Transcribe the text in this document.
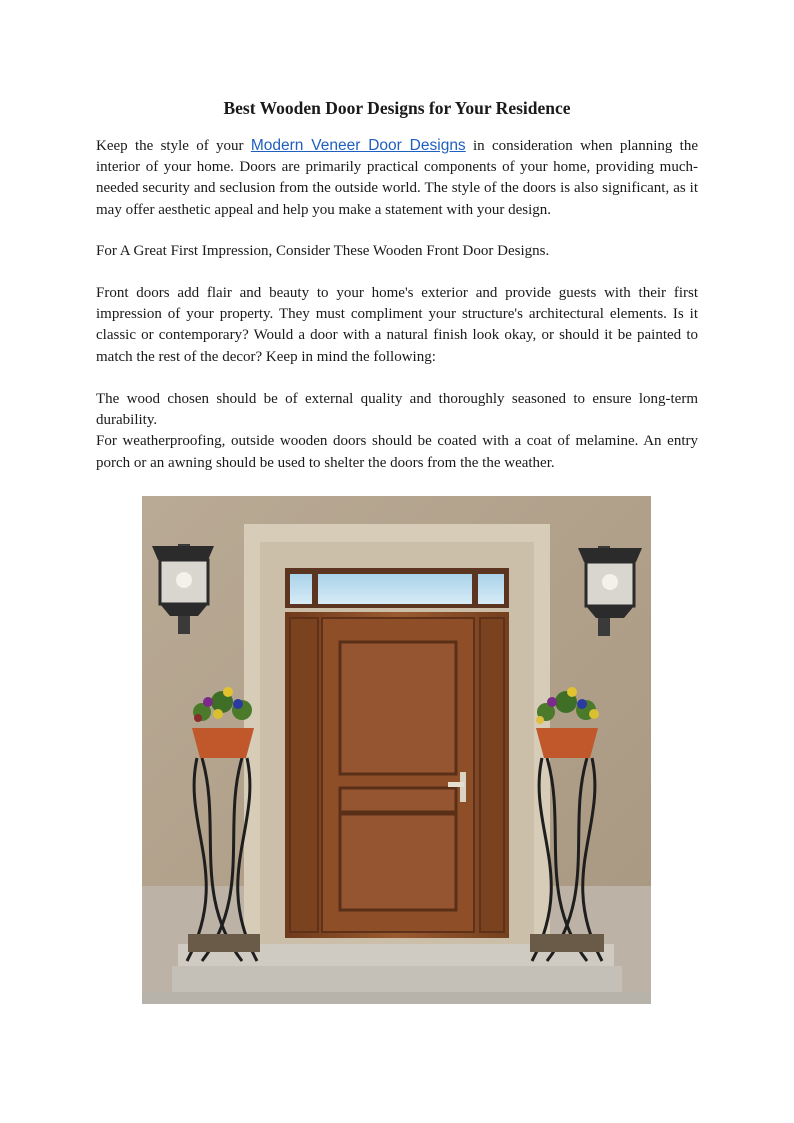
Best Wooden Door Designs for Your Residence

Keep the style of your Modern Veneer Door Designs in consideration when planning the interior of your home. Doors are primarily practical components of your home, providing much-needed security and seclusion from the outside world. The style of the doors is also significant, as it may offer aesthetic appeal and help you make a statement with your design.

For A Great First Impression, Consider These Wooden Front Door Designs.

Front doors add flair and beauty to your home's exterior and provide guests with their first impression of your property. They must compliment your structure's architectural elements. Is it classic or contemporary? Would a door with a natural finish look okay, or should it be painted to match the rest of the decor? Keep in mind the following:

The wood chosen should be of external quality and thoroughly seasoned to ensure long-term durability.
For weatherproofing, outside wooden doors should be coated with a coat of melamine. An entry porch or an awning should be used to shelter the doors from the the weather.
